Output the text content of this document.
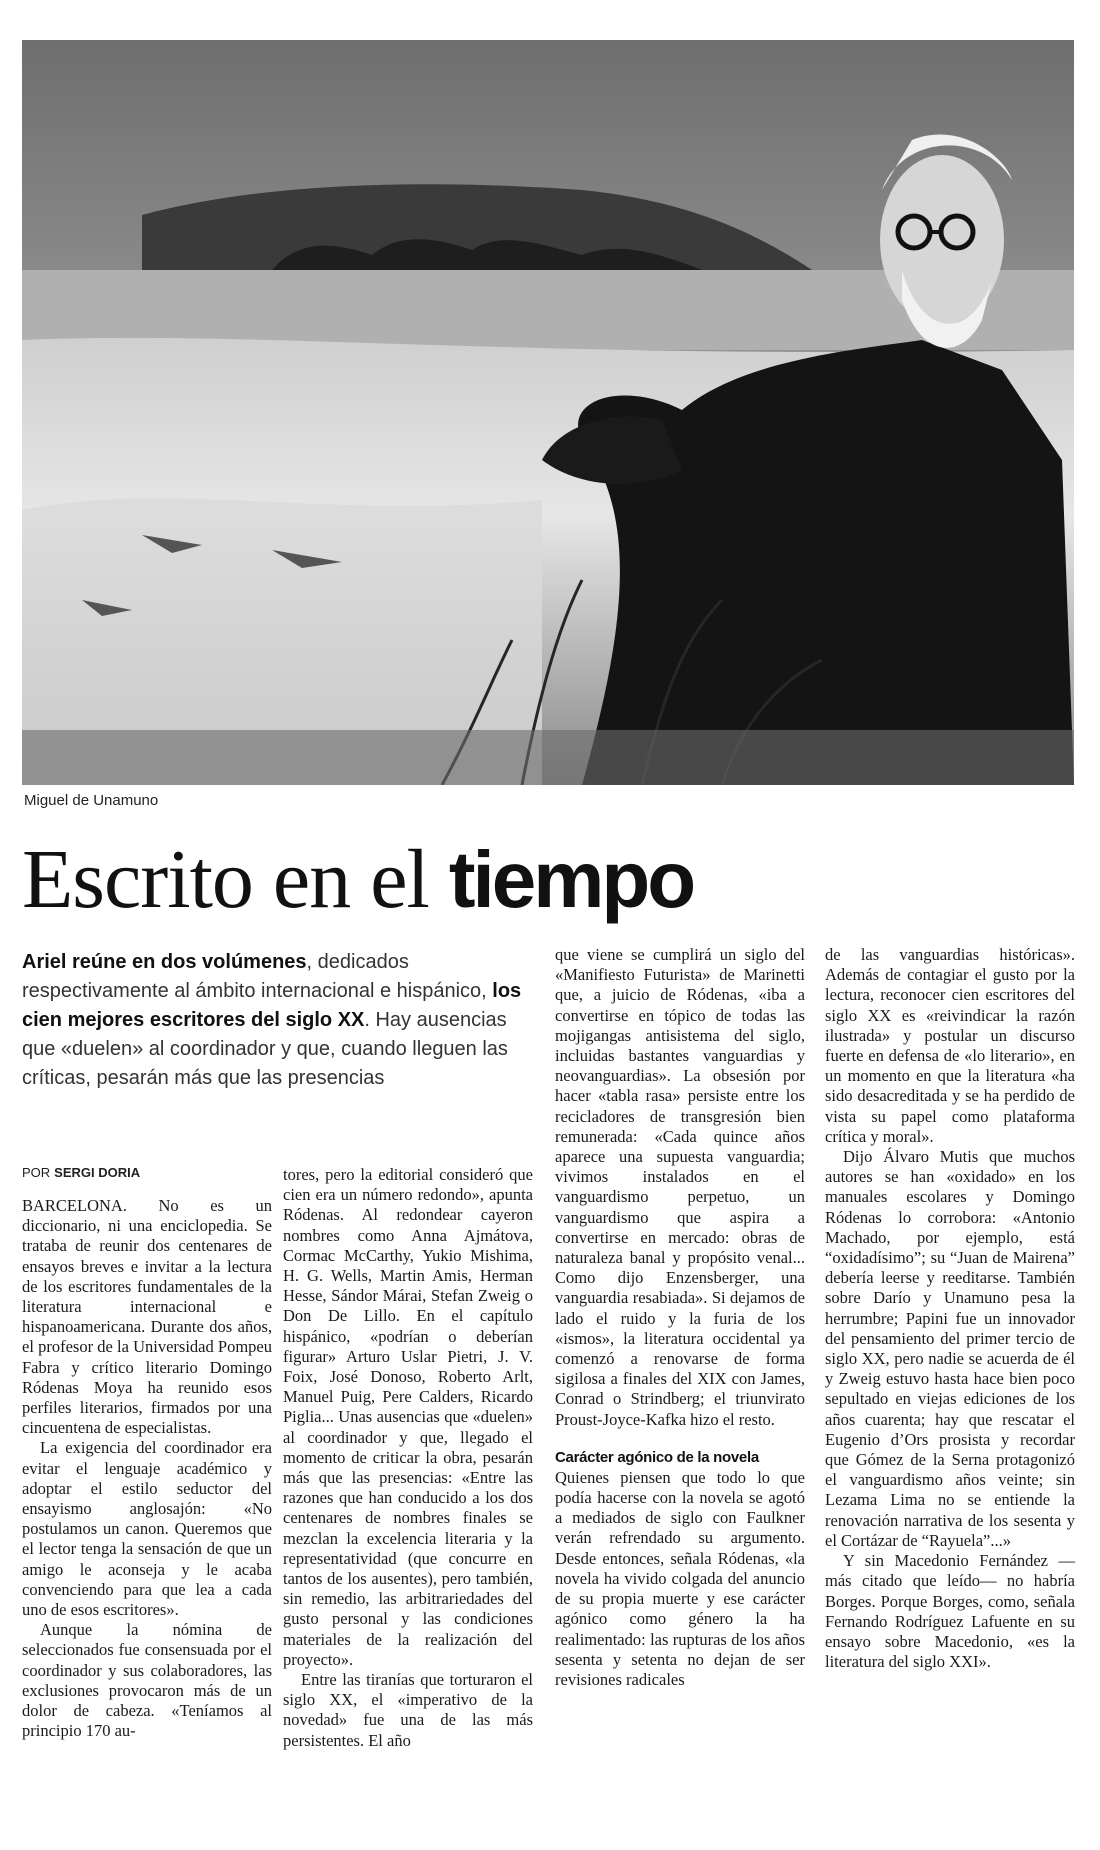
Miguel de Unamuno
Escrito en el tiempo
Ariel reúne en dos volúmenes, dedicados respectivamente al ámbito internacional e hispánico, los cien mejores escritores del siglo XX. Hay ausencias que «duelen» al coordinador y que, cuando lleguen las críticas, pesarán más que las presencias
POR SERGI DORIA

BARCELONA. No es un diccionario, ni una enciclopedia. Se trataba de reunir dos centenares de ensayos breves e invitar a la lectura de los escritores fundamentales de la literatura internacional e hispanoamericana. Durante dos años, el profesor de la Universidad Pompeu Fabra y crítico literario Domingo Ródenas Moya ha reunido esos perfiles literarios, firmados por una cincuentena de especialistas.

La exigencia del coordinador era evitar el lenguaje académico y adoptar el estilo seductor del ensayismo anglosajón: «No postulamos un canon. Queremos que el lector tenga la sensación de que un amigo le aconseja y le acaba convenciendo para que lea a cada uno de esos escritores».

Aunque la nómina de seleccionados fue consensuada por el coordinador y sus colaboradores, las exclusiones provocaron más de un dolor de cabeza. «Teníamos al principio 170 au-

tores, pero la editorial consideró que cien era un número redondo», apunta Ródenas. Al redondear cayeron nombres como Anna Ajmátova, Cormac McCarthy, Yukio Mishima, H. G. Wells, Martin Amis, Herman Hesse, Sándor Márai, Stefan Zweig o Don De Lillo. En el capítulo hispánico, «podrían o deberían figurar» Arturo Uslar Pietri, J. V. Foix, José Donoso, Roberto Arlt, Manuel Puig, Pere Calders, Ricardo Piglia... Unas ausencias que «duelen» al coordinador y que, llegado el momento de criticar la obra, pesarán más que las presencias: «Entre las razones que han conducido a los dos centenares de nombres finales se mezclan la excelencia literaria y la representatividad (que concurre en tantos de los ausentes), pero también, sin remedio, las arbitrariedades del gusto personal y las condiciones materiales de la realización del proyecto».

Entre las tiranías que torturaron el siglo XX, el «imperativo de la novedad» fue una de las más persistentes. El año

que viene se cumplirá un siglo del «Manifiesto Futurista» de Marinetti que, a juicio de Ródenas, «iba a convertirse en tópico de todas las mojigangas antisistema del siglo, incluidas bastantes vanguardias y neovanguardias». La obsesión por hacer «tabla rasa» persiste entre los recicladores de transgresión bien remunerada: «Cada quince años aparece una supuesta vanguardia; vivimos instalados en el vanguardismo perpetuo, un vanguardismo que aspira a convertirse en mercado: obras de naturaleza banal y propósito venal... Como dijo Enzensberger, una vanguardia resabiada». Si dejamos de lado el ruido y la furia de los «ismos», la literatura occidental ya comenzó a renovarse de forma sigilosa a finales del XIX con James, Conrad o Strindberg; el triunvirato Proust-Joyce-Kafka hizo el resto.

Carácter agónico de la novela

Quienes piensen que todo lo que podía hacerse con la novela se agotó a mediados de siglo con Faulkner verán refrendado su argumento. Desde entonces, señala Ródenas, «la novela ha vivido colgada del anuncio de su propia muerte y ese carácter agónico como género la ha realimentado: las rupturas de los años sesenta y setenta no dejan de ser revisiones radicales

de las vanguardias históricas». Además de contagiar el gusto por la lectura, reconocer cien escritores del siglo XX es «reivindicar la razón ilustrada» y postular un discurso fuerte en defensa de «lo literario», en un momento en que la literatura «ha sido desacreditada y se ha perdido de vista su papel como plataforma crítica y moral».

Dijo Álvaro Mutis que muchos autores se han «oxidado» en los manuales escolares y Domingo Ródenas lo corrobora: «Antonio Machado, por ejemplo, está “oxidadísimo”; su “Juan de Mairena” debería leerse y reeditarse. También sobre Darío y Unamuno pesa la herrumbre; Papini fue un innovador del pensamiento del primer tercio de siglo XX, pero nadie se acuerda de él y Zweig estuvo hasta hace bien poco sepultado en viejas ediciones de los años cuarenta; hay que rescatar el Eugenio d’Ors prosista y recordar que Gómez de la Serna protagonizó el vanguardismo años veinte; sin Lezama Lima no se entiende la renovación narrativa de los sesenta y el Cortázar de “Rayuela”...»

Y sin Macedonio Fernández —más citado que leído— no habría Borges. Porque Borges, como, señala Fernando Rodríguez Lafuente en su ensayo sobre Macedonio, «es la literatura del siglo XXI».
